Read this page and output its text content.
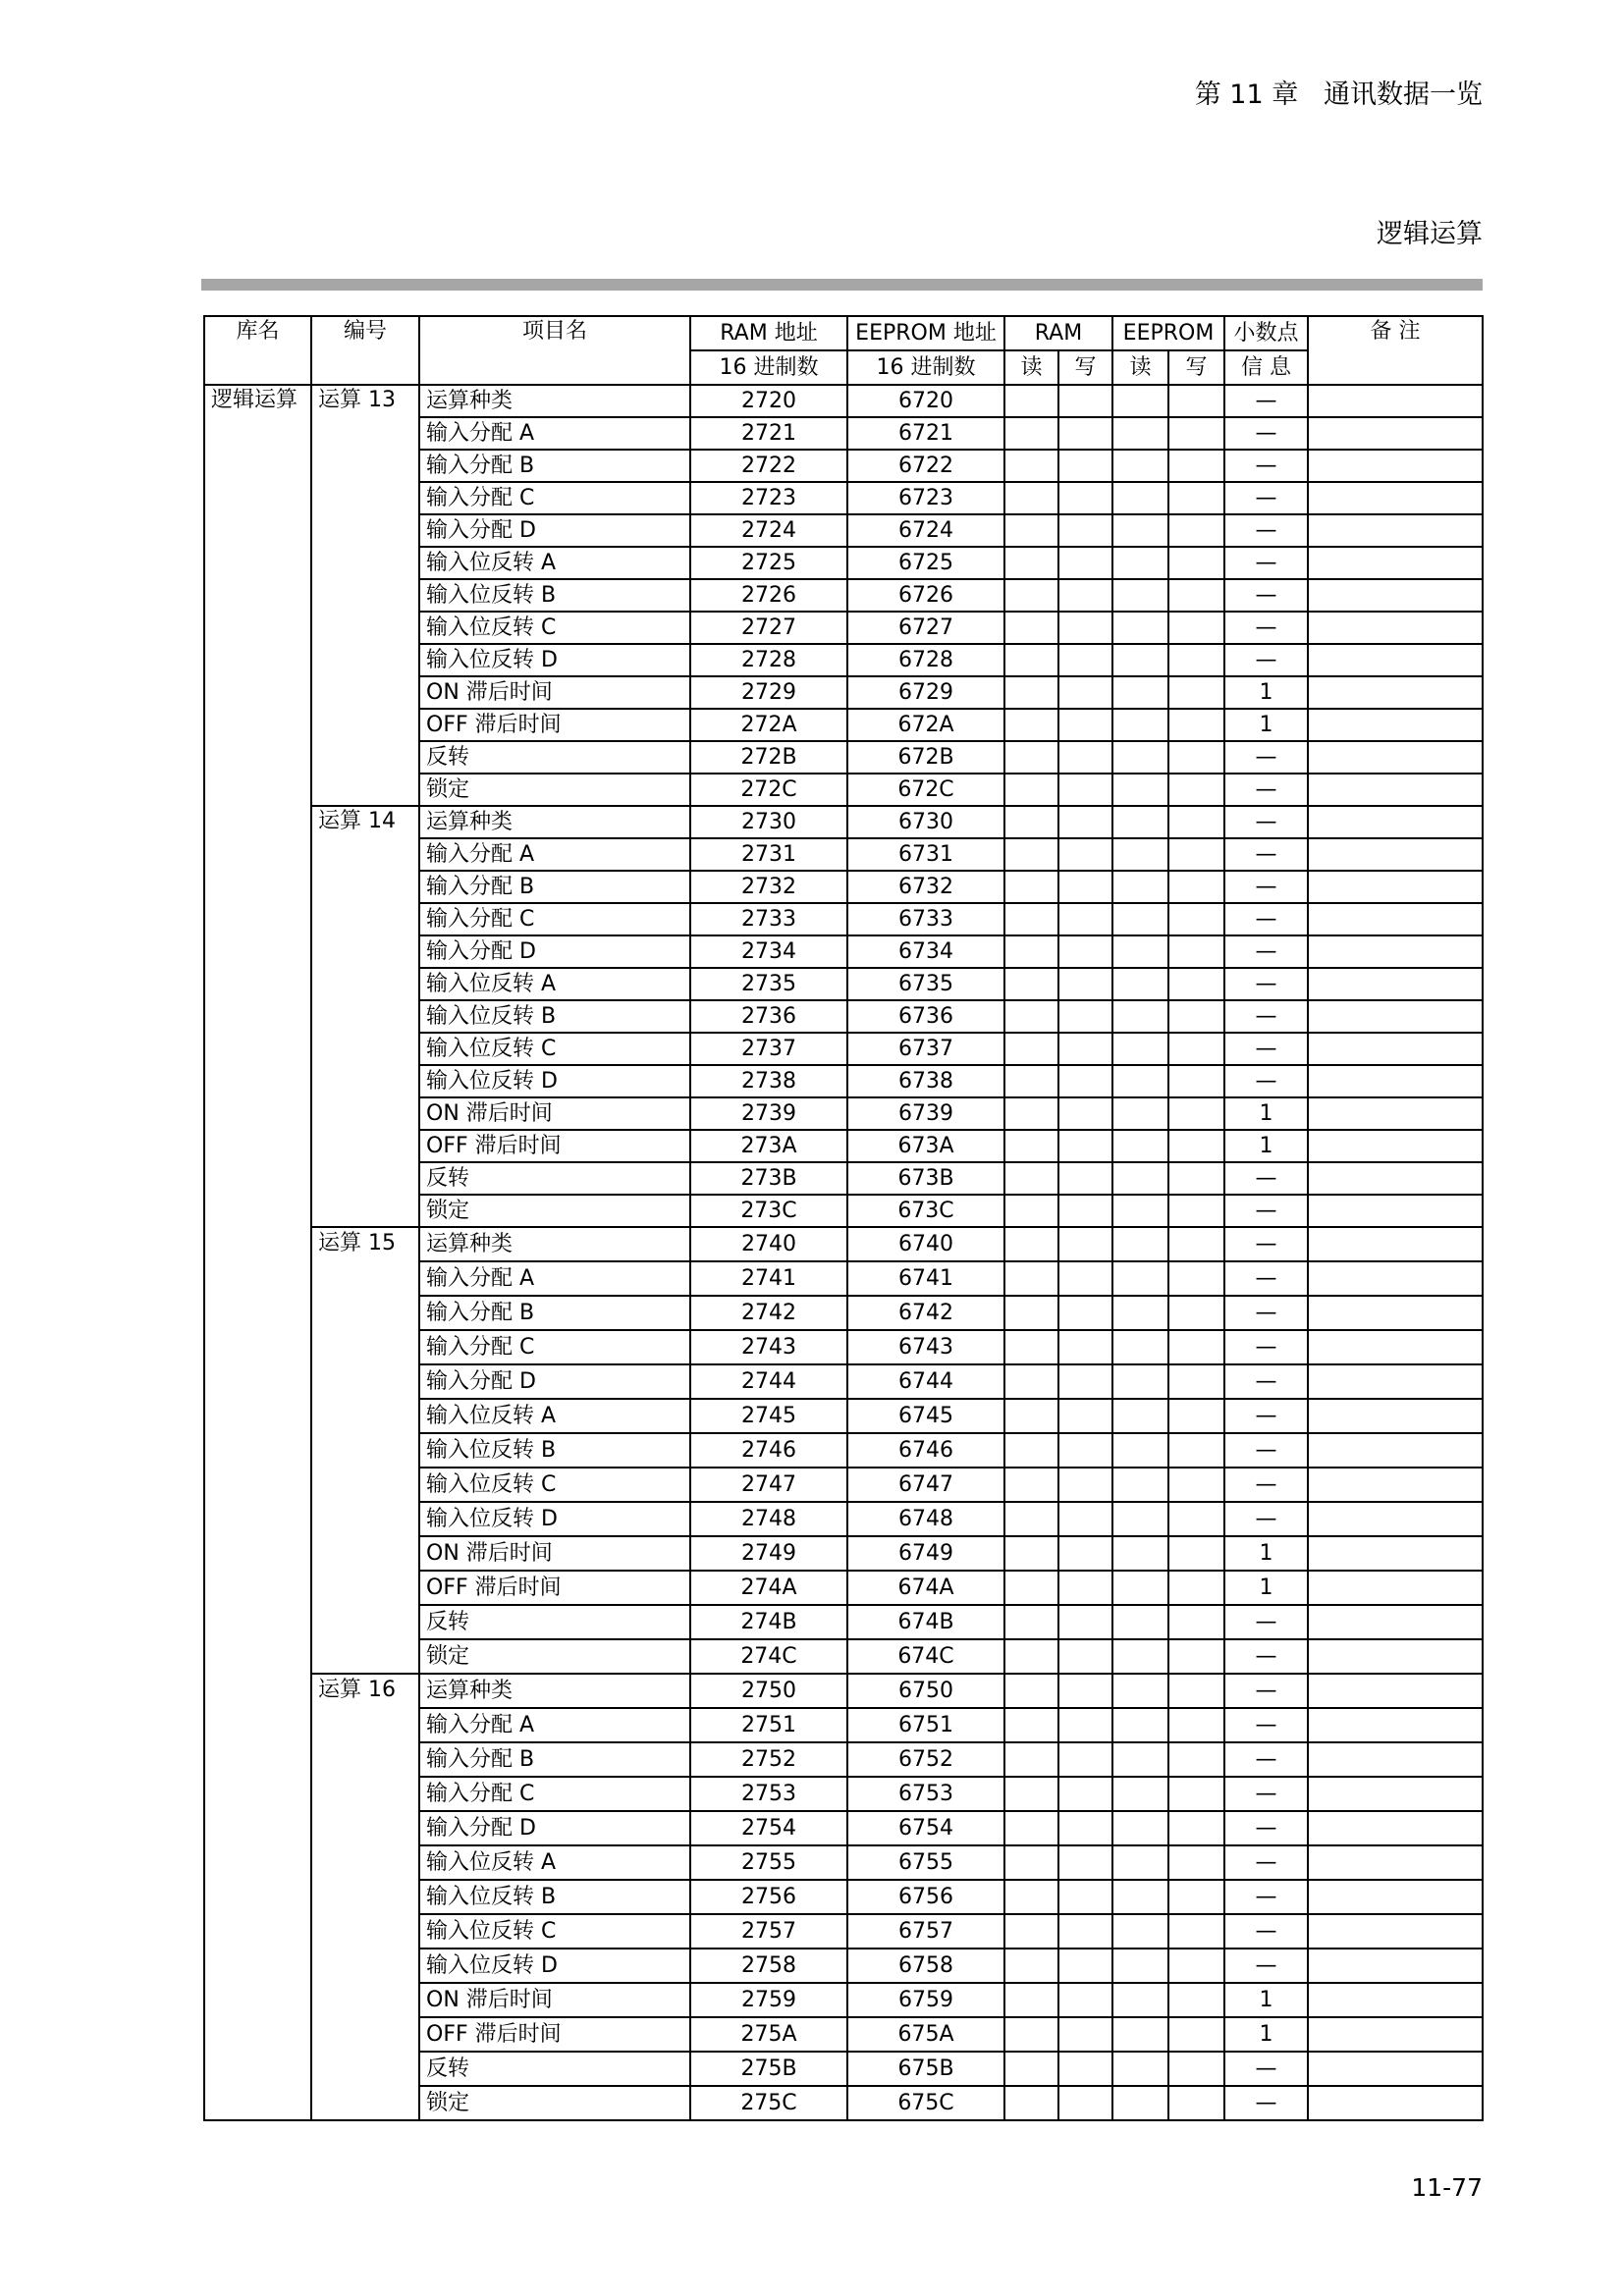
第 11 章   通讯数据一览
逻辑运算
库名	编号	项目名	RAM 地址	EEPROM 地址	RAM		EEPROM		小数点	备 注
			16 进制数	16 进制数	读	写	读	写	信 息	
逻辑运算	运算 13	运算种类	2720	6720					—	
		输入分配 A	2721	6721					—	
		输入分配 B	2722	6722					—	
		输入分配 C	2723	6723					—	
		输入分配 D	2724	6724					—	
		输入位反转 A	2725	6725					—	
		输入位反转 B	2726	6726					—	
		输入位反转 C	2727	6727					—	
		输入位反转 D	2728	6728					—	
		ON 滞后时间	2729	6729					1	
		OFF 滞后时间	272A	672A					1	
		反转	272B	672B					—	
		锁定	272C	672C					—	
	运算 14	运算种类	2730	6730					—	
		输入分配 A	2731	6731					—	
		输入分配 B	2732	6732					—	
		输入分配 C	2733	6733					—	
		输入分配 D	2734	6734					—	
		输入位反转 A	2735	6735					—	
		输入位反转 B	2736	6736					—	
		输入位反转 C	2737	6737					—	
		输入位反转 D	2738	6738					—	
		ON 滞后时间	2739	6739					1	
		OFF 滞后时间	273A	673A					1	
		反转	273B	673B					—	
		锁定	273C	673C					—	
	运算 15	运算种类	2740	6740					—	
		输入分配 A	2741	6741					—	
		输入分配 B	2742	6742					—	
		输入分配 C	2743	6743					—	
		输入分配 D	2744	6744					—	
		输入位反转 A	2745	6745					—	
		输入位反转 B	2746	6746					—	
		输入位反转 C	2747	6747					—	
		输入位反转 D	2748	6748					—	
		ON 滞后时间	2749	6749					1	
		OFF 滞后时间	274A	674A					1	
		反转	274B	674B					—	
		锁定	274C	674C					—	
	运算 16	运算种类	2750	6750					—	
		输入分配 A	2751	6751					—	
		输入分配 B	2752	6752					—	
		输入分配 C	2753	6753					—	
		输入分配 D	2754	6754					—	
		输入位反转 A	2755	6755					—	
		输入位反转 B	2756	6756					—	
		输入位反转 C	2757	6757					—	
		输入位反转 D	2758	6758					—	
		ON 滞后时间	2759	6759					1	
		OFF 滞后时间	275A	675A					1	
		反转	275B	675B					—	
		锁定	275C	675C					—	
11-77
